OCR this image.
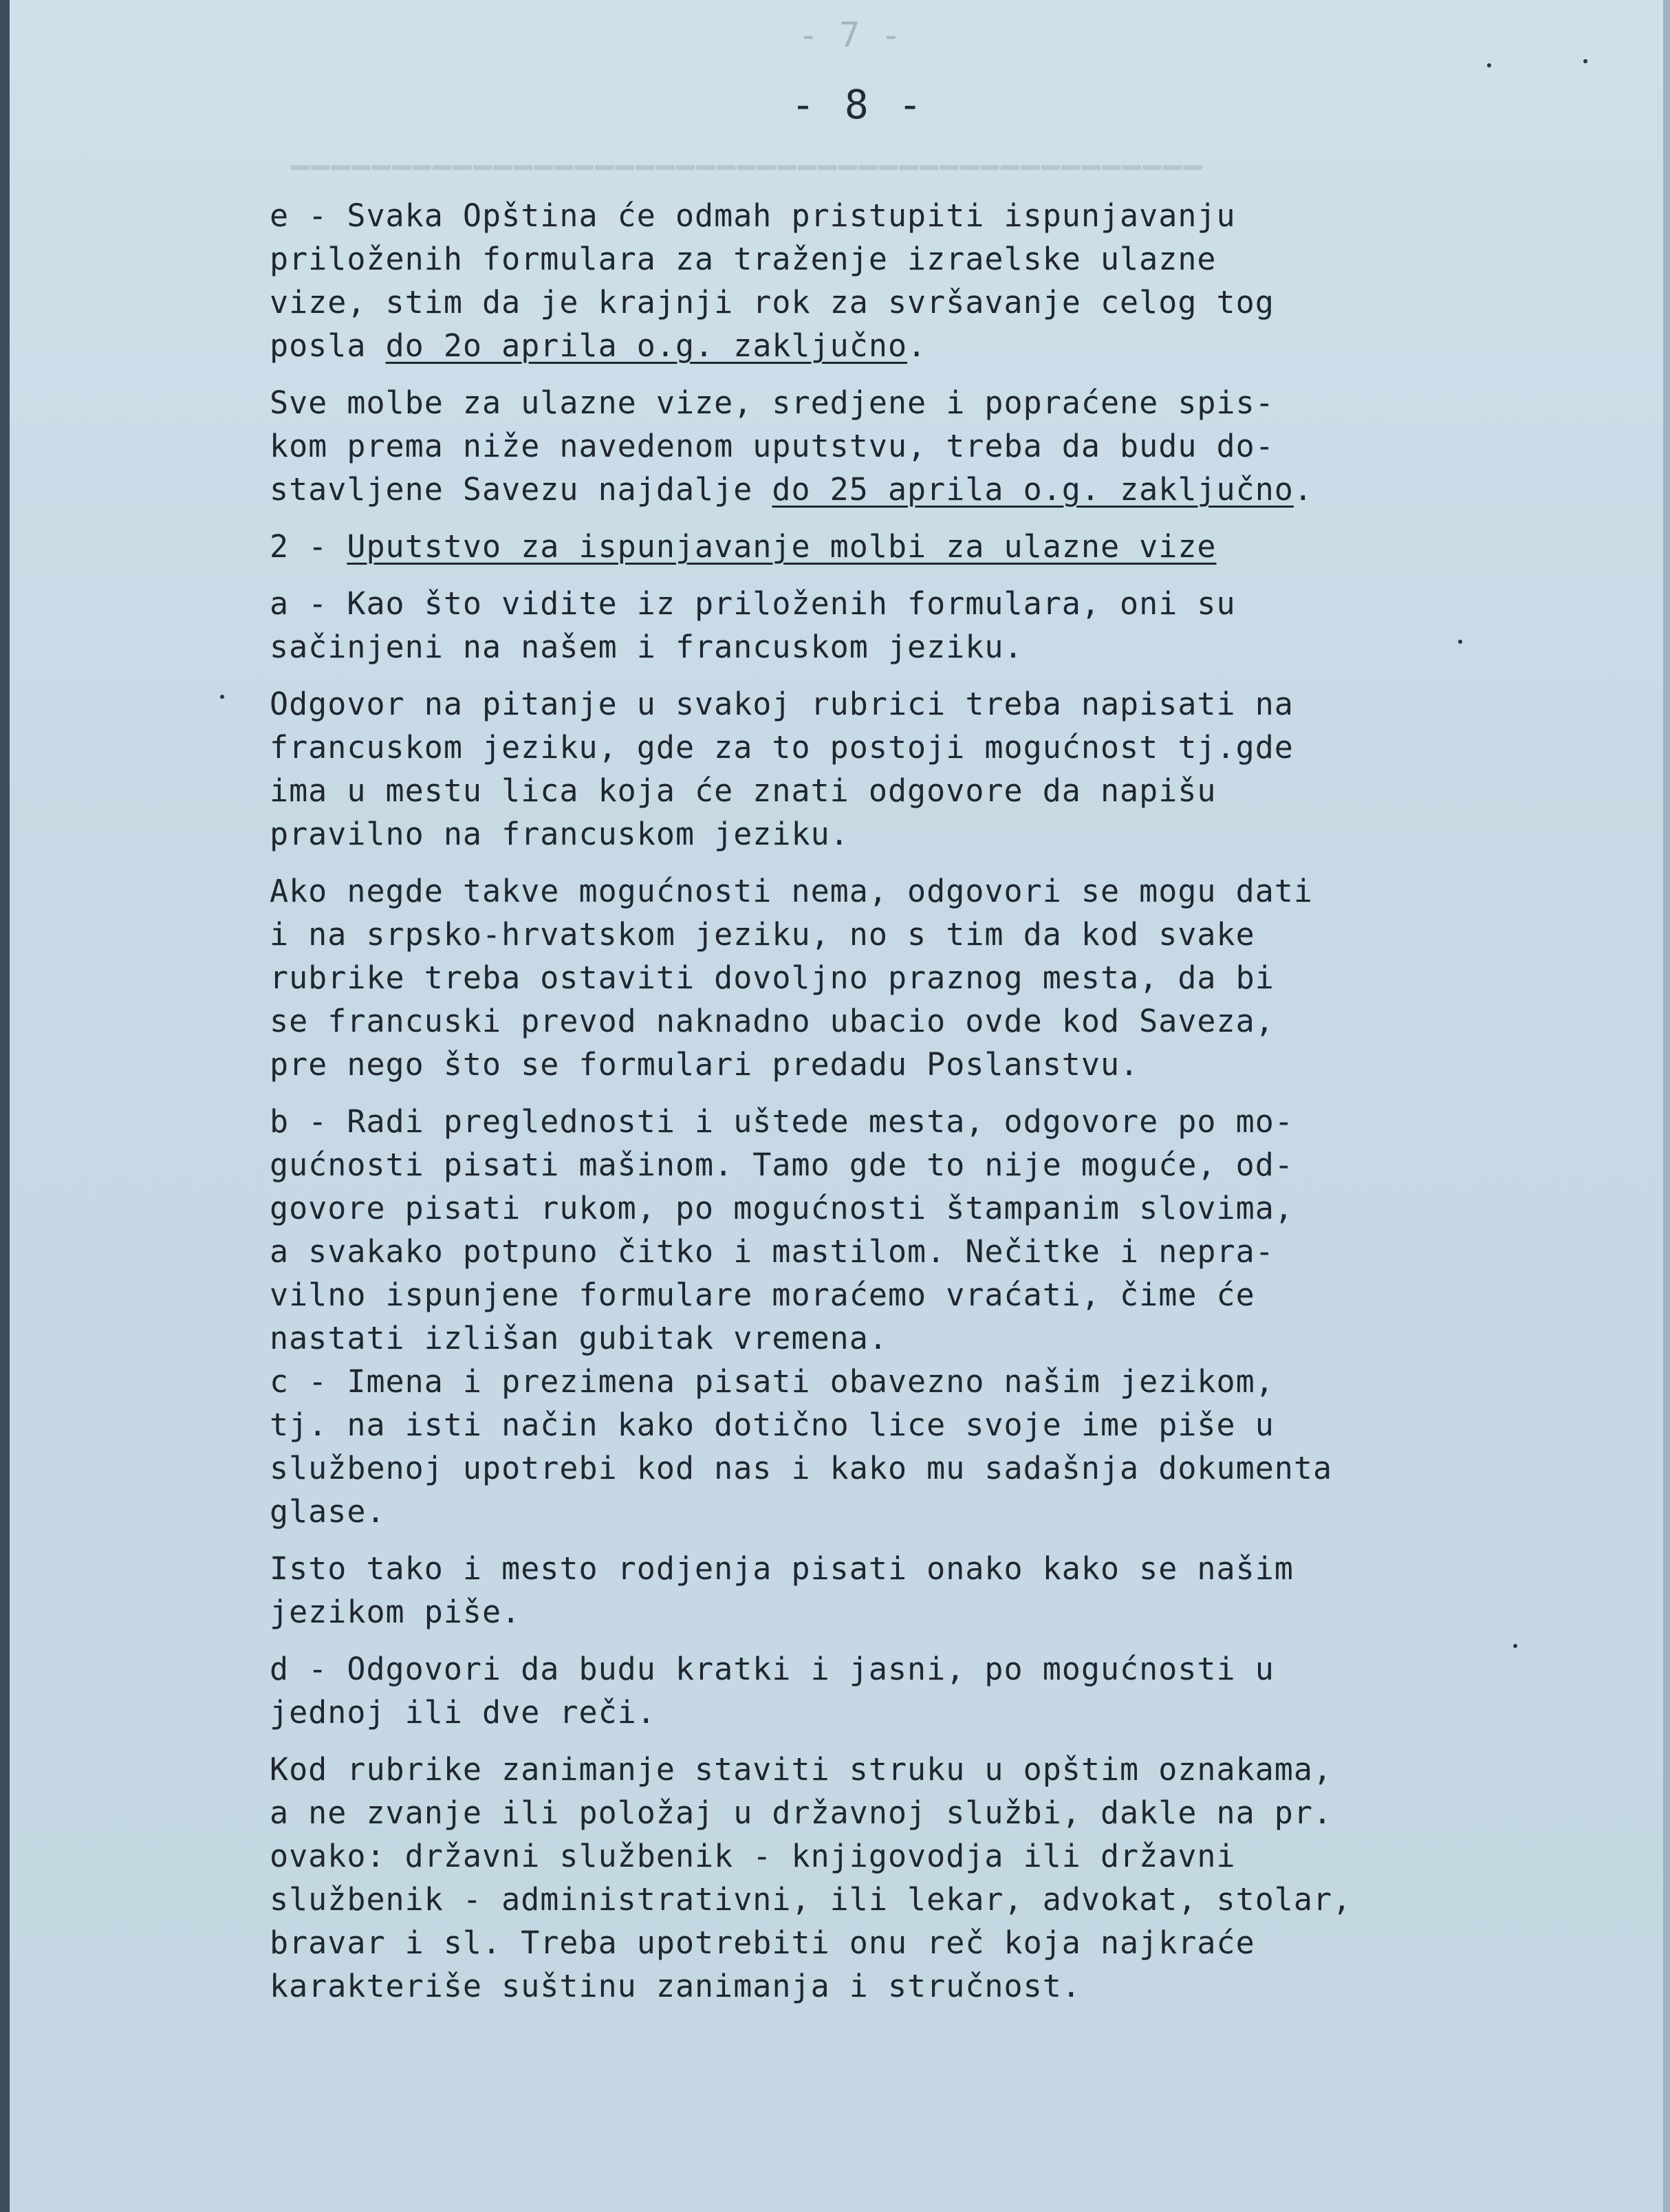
▁▁▁▁▁▁▁▁▁▁▁▁▁▁▁▁▁▁▁▁▁▁▁▁▁▁▁▁▁▁▁▁▁▁▁▁▁▁▁▁▁▁▁▁▁
- 7 -
- 8 -
e - Svaka Opština će odmah pristupiti ispunjavanju
priloženih formulara za traženje izraelske ulazne
vize, stim da je krajnji rok za svršavanje celog tog
posla do 2o aprila o.g. zaključno.
Sve molbe za ulazne vize, sredjene i popraćene spis-
kom prema niže navedenom uputstvu, treba da budu do-
stavljene Savezu najdalje do 25 aprila o.g. zaključno.
2 - Uputstvo za ispunjavanje molbi za ulazne vize
a - Kao što vidite iz priloženih formulara, oni su
sačinjeni na našem i francuskom jeziku.
Odgovor na pitanje u svakoj rubrici treba napisati na
francuskom jeziku, gde za to postoji mogućnost tj.gde
ima u mestu lica koja će znati odgovore da napišu
pravilno na francuskom jeziku.
Ako negde takve mogućnosti nema, odgovori se mogu dati
i na srpsko-hrvatskom jeziku, no s tim da kod svake
rubrike treba ostaviti dovoljno praznog mesta, da bi
se francuski prevod naknadno ubacio ovde kod Saveza,
pre nego što se formulari predadu Poslanstvu.
b - Radi preglednosti i uštede mesta, odgovore po mo-
gućnosti pisati mašinom. Tamo gde to nije moguće, od-
govore pisati rukom, po mogućnosti štampanim slovima,
a svakako potpuno čitko i mastilom. Nečitke i nepra-
vilno ispunjene formulare moraćemo vraćati, čime će
nastati izlišan gubitak vremena.
c - Imena i prezimena pisati obavezno našim jezikom,
tj. na isti način kako dotično lice svoje ime piše u
službenoj upotrebi kod nas i kako mu sadašnja dokumenta
glase.
Isto tako i mesto rodjenja pisati onako kako se našim
jezikom piše.
d - Odgovori da budu kratki i jasni, po mogućnosti u
jednoj ili dve reči.
Kod rubrike zanimanje staviti struku u opštim oznakama,
a ne zvanje ili položaj u državnoj službi, dakle na pr.
ovako: državni službenik - knjigovodja ili državni
službenik - administrativni, ili lekar, advokat, stolar,
bravar i sl. Treba upotrebiti onu reč koja najkraće
karakteriše suštinu zanimanja i stručnost.
